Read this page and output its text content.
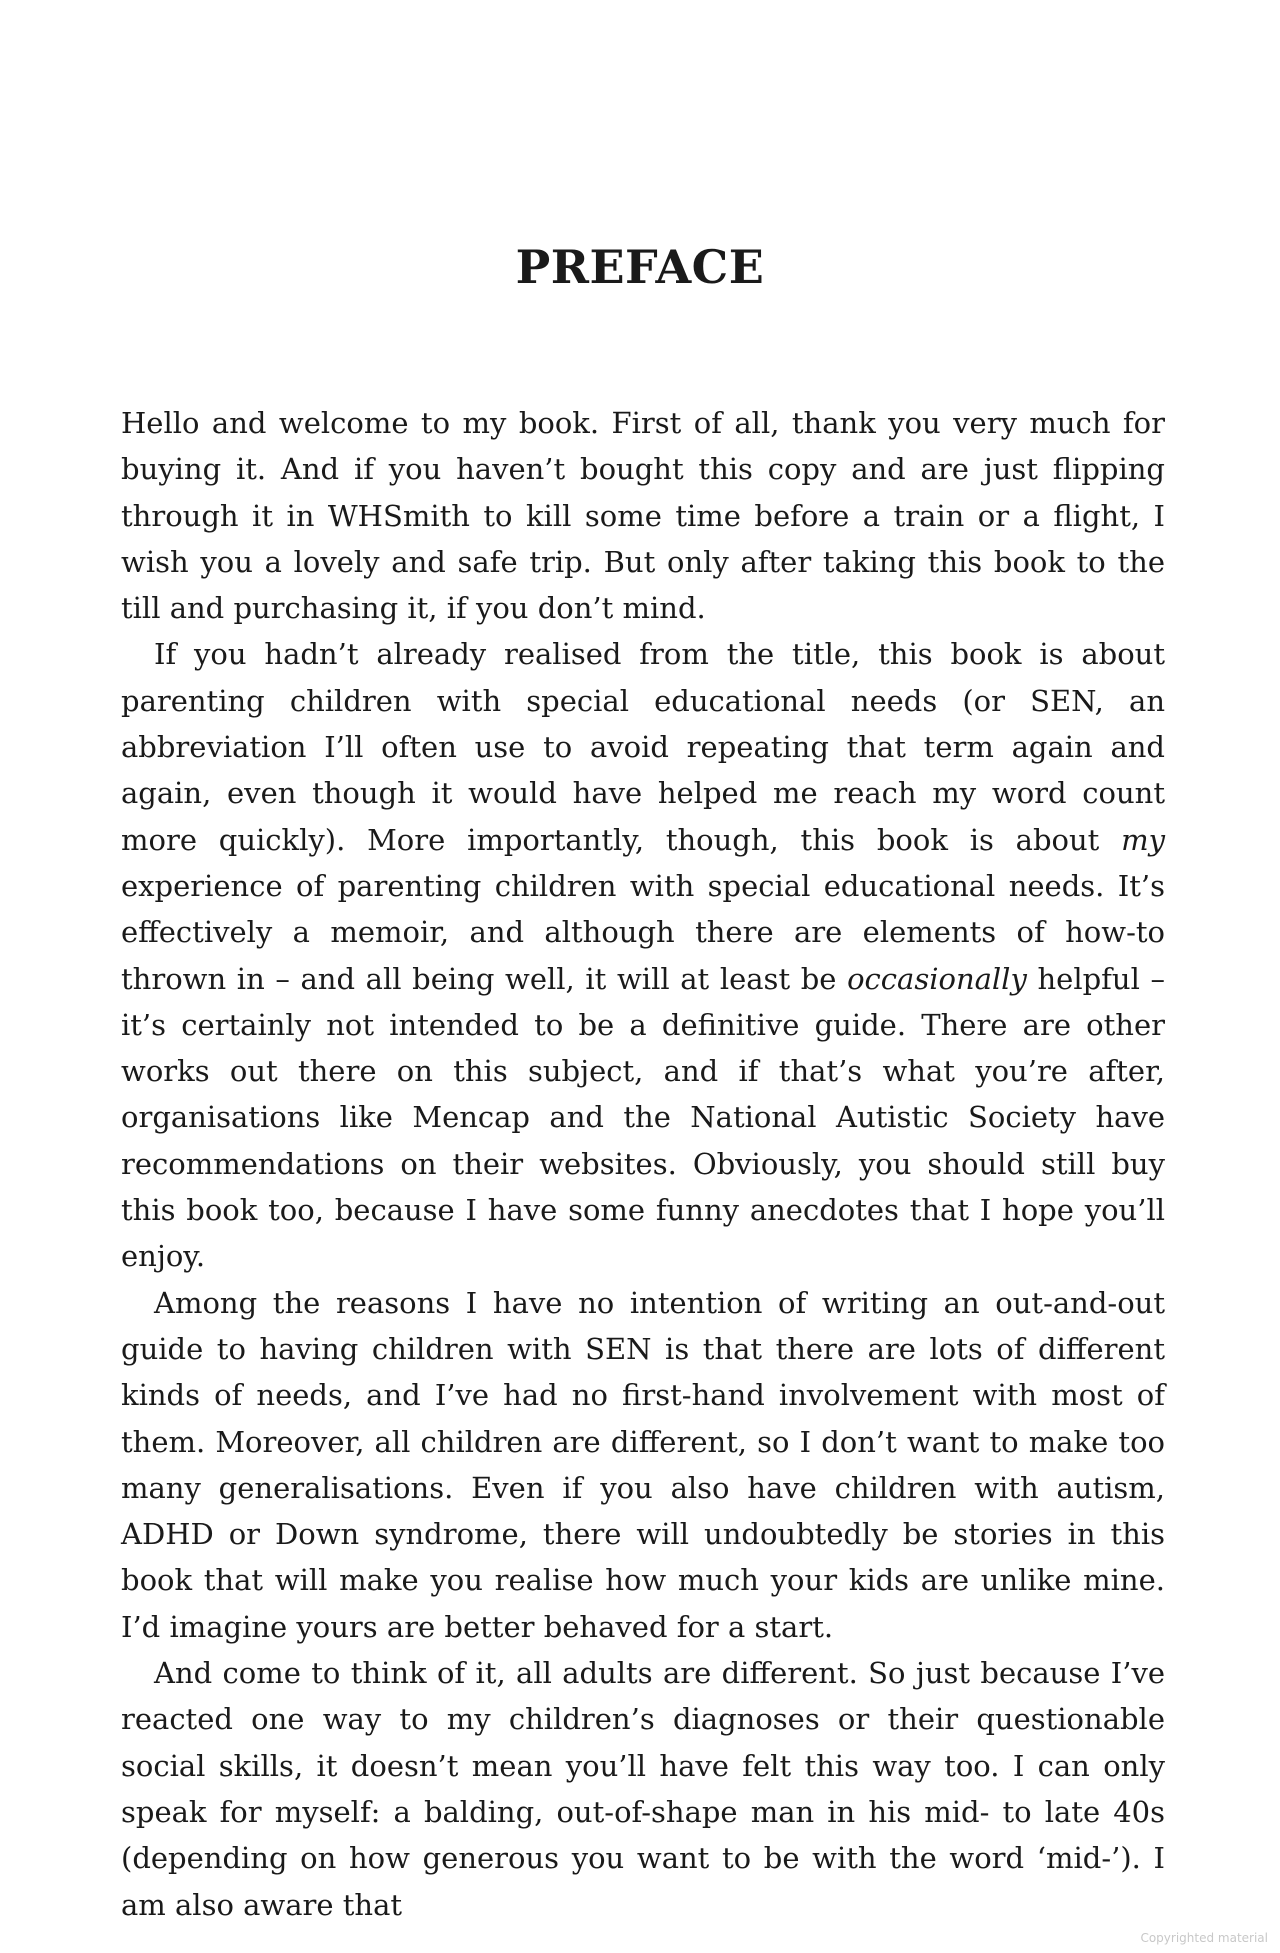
PREFACE

Hello and welcome to my book. First of all, thank you very much for buying it. And if you haven’t bought this copy and are just flipping through it in WHSmith to kill some time before a train or a flight, I wish you a lovely and safe trip. But only after taking this book to the till and purchasing it, if you don’t mind.

If you hadn’t already realised from the title, this book is about parenting children with special educational needs (or SEN, an abbreviation I’ll often use to avoid repeating that term again and again, even though it would have helped me reach my word count more quickly). More importantly, though, this book is about my experience of parenting children with special educational needs. It’s effectively a memoir, and although there are elements of how-to thrown in – and all being well, it will at least be occasionally helpful – it’s certainly not intended to be a definitive guide. There are other works out there on this subject, and if that’s what you’re after, organisations like Mencap and the National Autistic Society have recommendations on their websites. Obviously, you should still buy this book too, because I have some funny anecdotes that I hope you’ll enjoy.

Among the reasons I have no intention of writing an out-and-out guide to having children with SEN is that there are lots of different kinds of needs, and I’ve had no first-hand involvement with most of them. Moreover, all children are different, so I don’t want to make too many generalisations. Even if you also have children with autism, ADHD or Down syndrome, there will undoubtedly be stories in this book that will make you realise how much your kids are unlike mine. I’d imagine yours are better behaved for a start.

And come to think of it, all adults are different. So just because I’ve reacted one way to my children’s diagnoses or their questionable social skills, it doesn’t mean you’ll have felt this way too. I can only speak for myself: a balding, out-of-shape man in his mid- to late 40s (depending on how generous you want to be with the word ‘mid-’). I am also aware that

Copyrighted material
